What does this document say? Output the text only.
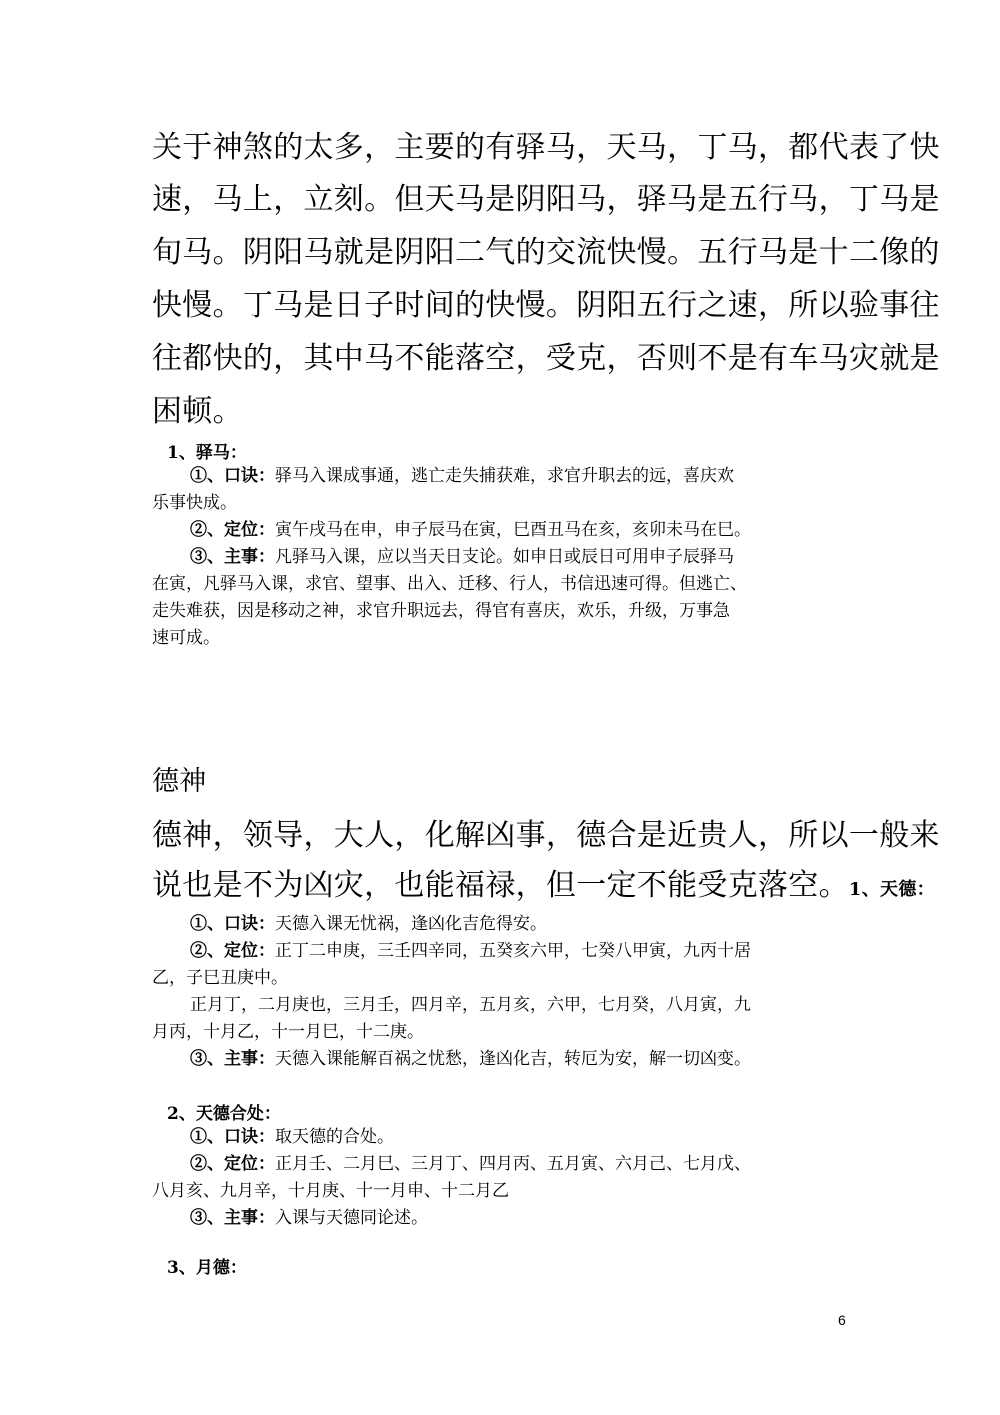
关于神煞的太多，主要的有驿马，天马，丁马，都代表了快

速，马上，立刻。但天马是阴阳马，驿马是五行马，丁马是

旬马。阴阳马就是阴阳二气的交流快慢。五行马是十二像的

快慢。丁马是日子时间的快慢。阴阳五行之速，所以验事往

往都快的，其中马不能落空，受克，否则不是有车马灾就是

困顿。

1、驿马：

①、口诀：驿马入课成事通，逃亡走失捕获难，求官升职去的远，喜庆欢

乐事快成。

②、定位：寅午戌马在申，申子辰马在寅，巳酉丑马在亥，亥卯未马在巳。

③、主事：凡驿马入课，应以当天日支论。如申日或辰日可用申子辰驿马

在寅，凡驿马入课，求官、望事、出入、迁移、行人，书信迅速可得。但逃亡、

走失难获，因是移动之神，求官升职远去，得官有喜庆，欢乐，升级，万事急

速可成。

德神

德神，领导，大人，化解凶事，德合是近贵人，所以一般来

说也是不为凶灾，也能福禄，但一定不能受克落空。1、天德：

①、口诀：天德入课无忧祸，逢凶化吉危得安。

②、定位：正丁二申庚，三壬四辛同，五癸亥六甲，七癸八甲寅，九丙十居

乙，子巳丑庚中。

正月丁，二月庚也，三月壬，四月辛，五月亥，六甲，七月癸，八月寅，九

月丙，十月乙，十一月巳，十二庚。

③、主事：天德入课能解百祸之忧愁，逢凶化吉，转厄为安，解一切凶变。

2、天德合处：

①、口诀：取天德的合处。

②、定位：正月壬、二月巳、三月丁、四月丙、五月寅、六月己、七月戊、

八月亥、九月辛，十月庚、十一月申、十二月乙

③、主事：入课与天德同论述。

3、月德：

6
